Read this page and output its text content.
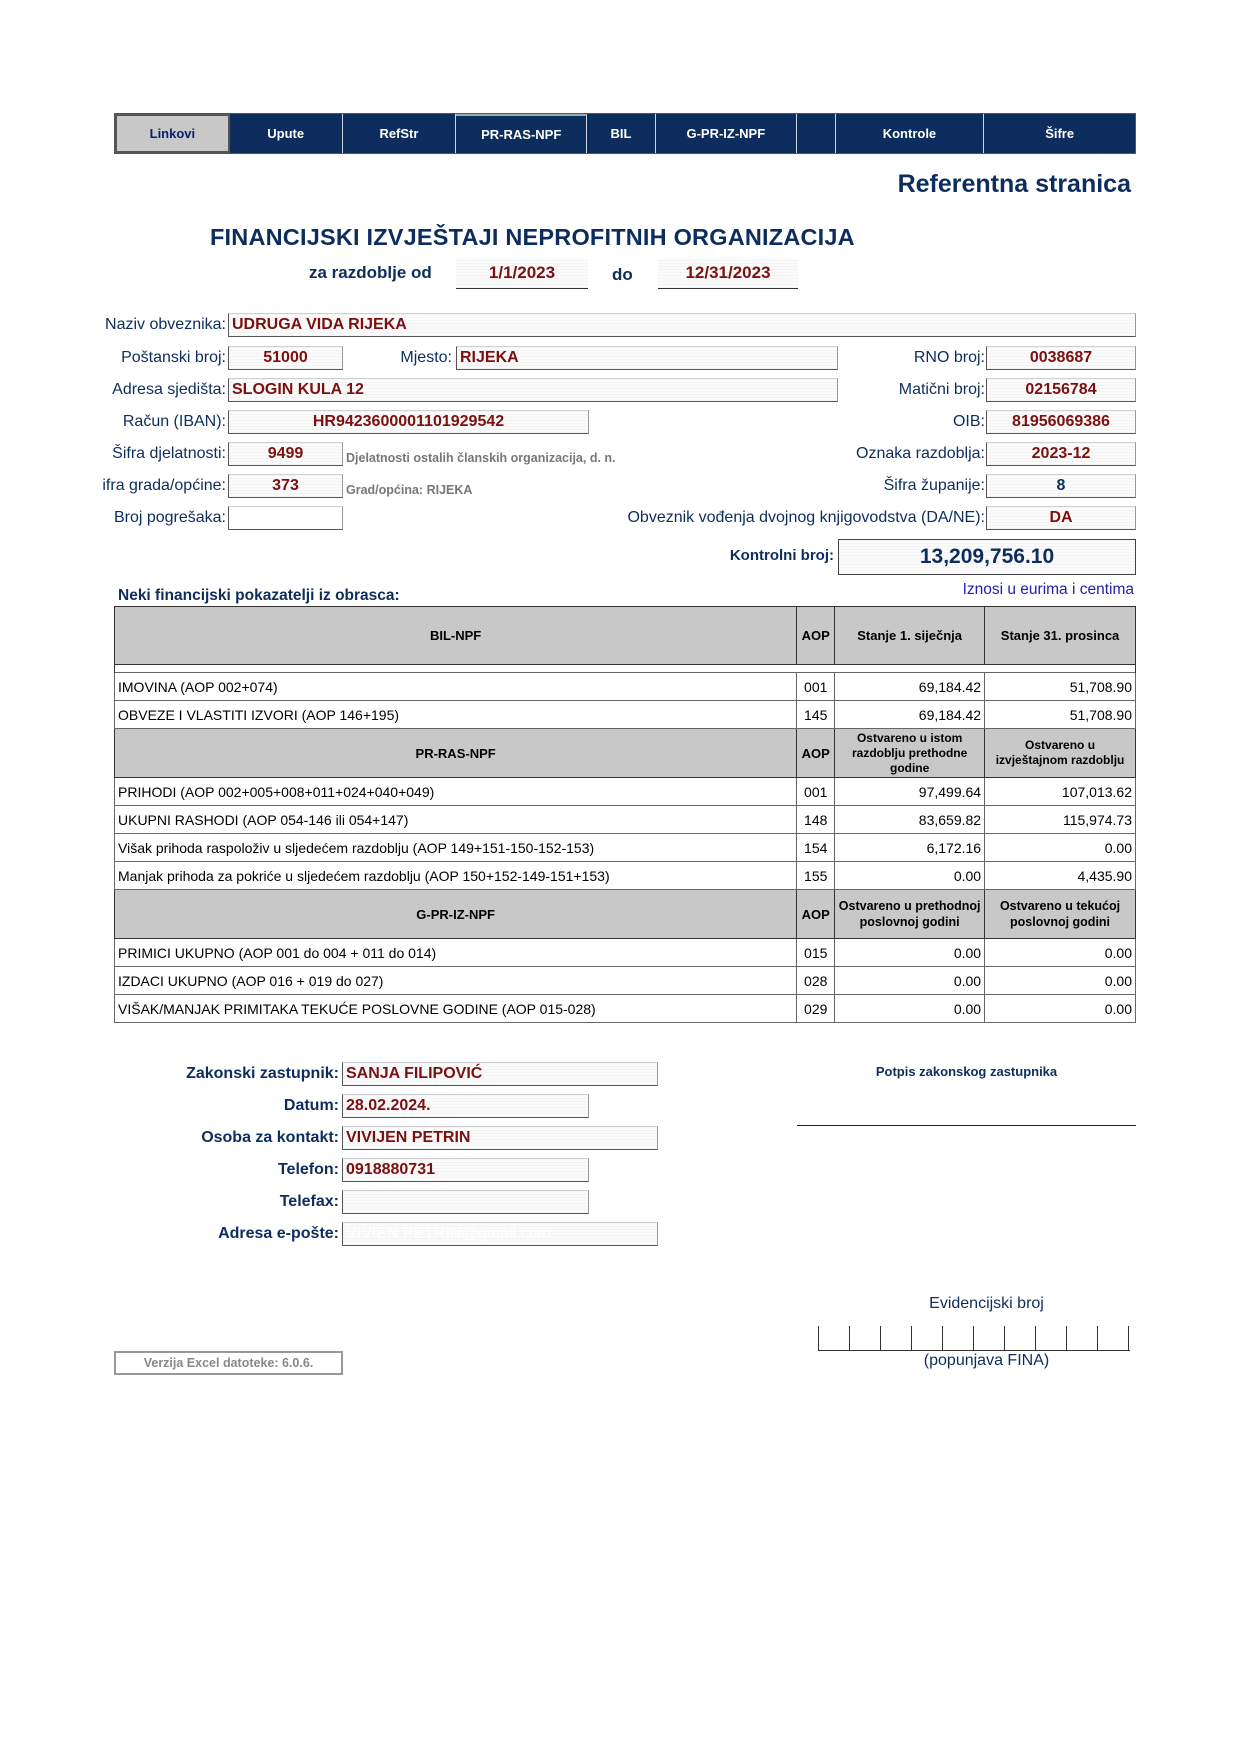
Linkovi	Upute	RefStr	PR-RAS-NPF	BIL	G-PR-IZ-NPF	Kontrole	Šifre
Referentna stranica
FINANCIJSKI IZVJEŠTAJI NEPROFITNIH ORGANIZACIJA
za razdoblje od	1/1/2023	do	12/31/2023
Naziv obveznika: UDRUGA VIDA RIJEKA
Poštanski broj:	51000	Mjesto: RIJEKA	RNO broj:	0038687
Adresa sjedišta: SLOGIN KULA 12	Matični broj:	02156784
Račun (IBAN):	HR9423600001101929542	OIB:	81956069386
Šifra djelatnosti:	9499	Djelatnosti ostalih članskih organizacija, d. n.	Oznaka razdoblja:	2023-12
ifra grada/općine:	373	Grad/općina: RIJEKA	Šifra županije:	8
Broj pogrešaka:	Obveznik vođenja dvojnog knjigovodstva (DA/NE):	DA
Kontrolni broj:	13,209,756.10
Neki financijski pokazatelji iz obrasca:	Iznosi u eurima i centima
BIL-NPF	AOP	Stanje 1. siječnja	Stanje 31. prosinca

IMOVINA (AOP 002+074)	001	69,184.42	51,708.90
OBVEZE I VLASTITI IZVORI (AOP 146+195)	145	69,184.42	51,708.90
PR-RAS-NPF	AOP	Ostvareno u istom razdoblju prethodne godine	Ostvareno u izvještajnom razdoblju
PRIHODI (AOP 002+005+008+011+024+040+049)	001	97,499.64	107,013.62
UKUPNI RASHODI (AOP 054-146 ili 054+147)	148	83,659.82	115,974.73
Višak prihoda raspoloživ u sljedećem razdoblju (AOP 149+151-150-152-153)	154	6,172.16	0.00
Manjak prihoda za pokriće u sljedećem razdoblju (AOP 150+152-149-151+153)	155	0.00	4,435.90
G-PR-IZ-NPF	AOP	Ostvareno u prethodnoj poslovnoj godini	Ostvareno u tekućoj poslovnoj godini
PRIMICI UKUPNO (AOP 001 do 004 + 011 do 014)	015	0.00	0.00
IZDACI UKUPNO (AOP 016 + 019 do 027)	028	0.00	0.00
VIŠAK/MANJAK PRIMITAKA TEKUĆE POSLOVNE GODINE (AOP 015-028)	029	0.00	0.00
Zakonski zastupnik: SANJA FILIPOVIĆ
Datum: 28.02.2024.
Osoba za kontakt: VIVIJEN PETRIN
Telefon: 0918880731
Telefax:
Adresa e-pošte: VIVIEN.PETRIN@gmail.com
Potpis zakonskog zastupnika
Evidencijski broj
(popunjava FINA)
Verzija Excel datoteke: 6.0.6.
